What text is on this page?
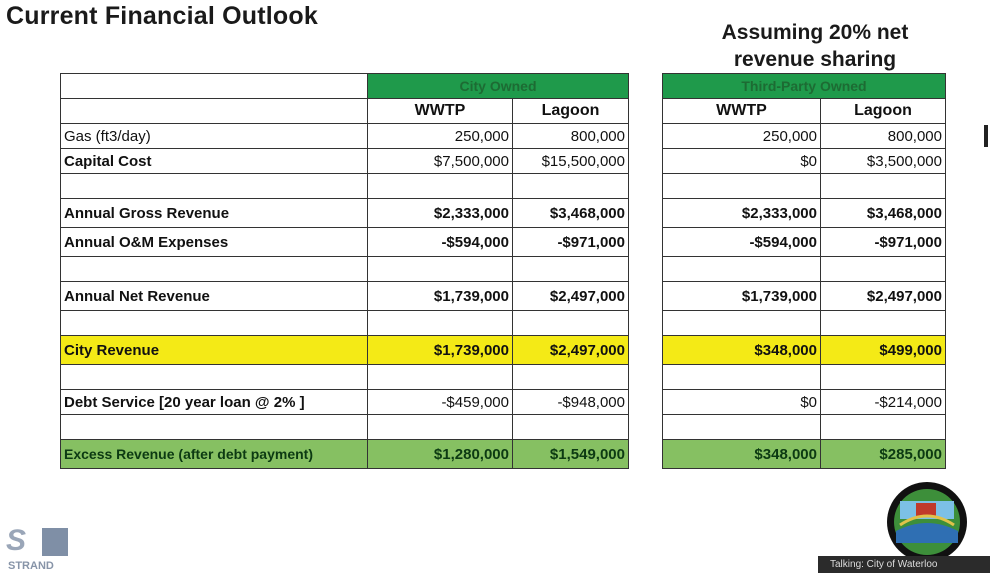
Current Financial Outlook
Assuming 20% net
revenue sharing
	City Owned			Third-Party Owned	
	WWTP	Lagoon		WWTP	Lagoon
Gas (ft3/day)	250,000	800,000		250,000	800,000
Capital Cost	$7,500,000	$15,500,000		$0	$3,500,000

Annual Gross Revenue	$2,333,000	$3,468,000		$2,333,000	$3,468,000
Annual O&M Expenses	-$594,000	-$971,000		-$594,000	-$971,000

Annual Net Revenue	$1,739,000	$2,497,000		$1,739,000	$2,497,000

City Revenue	$1,739,000	$2,497,000		$348,000	$499,000

Debt Service [20 year loan @ 2% ]	-$459,000	-$948,000		$0	-$214,000

Excess Revenue (after debt payment)	$1,280,000	$1,549,000		$348,000	$285,000
S
STRAND	Talking: City of Waterloo
